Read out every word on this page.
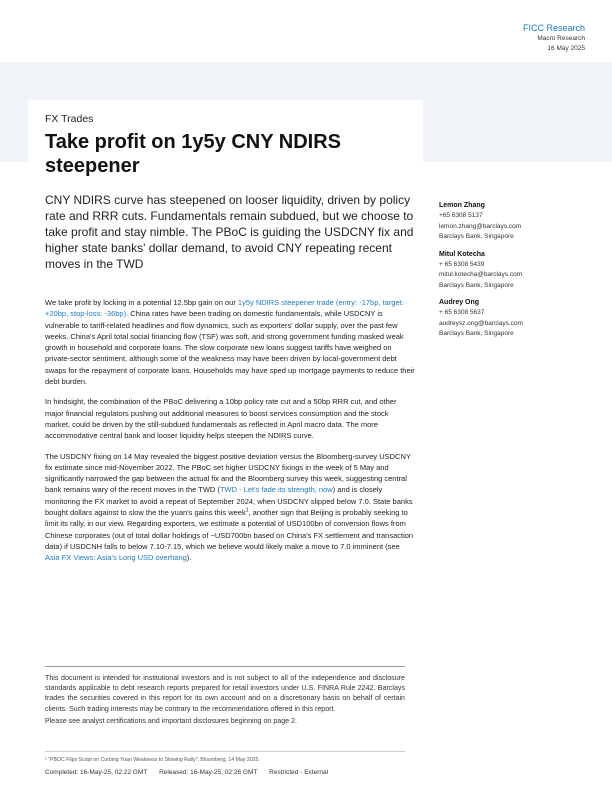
FICC Research
Macro Research
16 May 2025
FX Trades
Take profit on 1y5y CNY NDIRS steepener
CNY NDIRS curve has steepened on looser liquidity, driven by policy rate and RRR cuts. Fundamentals remain subdued, but we choose to take profit and stay nimble. The PBoC is guiding the USDCNY fix and higher state banks' dollar demand, to avoid CNY repeating recent moves in the TWD
Lemon Zhang
+65 6308 5137
lemon.zhang@barclays.com
Barclays Bank, Singapore
Mitul Kotecha
+ 65 6308 5439
mitul.kotecha@barclays.com
Barclays Bank, Singapore
Audrey Ong
+ 65 6308 5637
audreysz.ong@barclays.com
Barclays Bank, Singapore

We take profit by locking in a potential 12.5bp gain on our 1y5y NDIRS steepener trade (entry: -17bp, target: +20bp, stop-loss: -36bp). China rates have been trading on domestic fundamentals, while USDCNY is vulnerable to tariff-related headlines and flow dynamics, such as exporters' dollar supply, over the past few weeks. China's April total social financing flow (TSF) was soft, and strong government funding masked weak growth in household and corporate loans. The slow corporate new loans suggest tariffs have weighed on private-sector sentiment, although some of the weakness may have been driven by local-government debt swaps for the repayment of corporate loans. Households may have sped up mortgage payments to reduce their debt burden.

In hindsight, the combination of the PBoC delivering a 10bp policy rate cut and a 50bp RRR cut, and other major financial regulators pushing out additional measures to boost services consumption and the stock market, could be driven by the still-subdued fundamentals as reflected in April macro data. The more accommodative central bank and looser liquidity helps steepen the NDIRS curve.

The USDCNY fixing on 14 May revealed the biggest positive deviation versus the Bloomberg-survey USDCNY fix estimate since mid-November 2022. The PBoC set higher USDCNY fixings in the week of 5 May and significantly narrowed the gap between the actual fix and the Bloomberg survey this week, suggesting central bank remains wary of the recent moves in the TWD (TWD - Let's fade its strength, now) and is closely monitoring the FX market to avoid a repeat of September 2024, when USDCNY slipped below 7.0. State banks bought dollars against to slow the the yuan's gains this week$^1$, another sign that Beijing is probably seeking to limit its rally, in our view. Regarding exporters, we estimate a potential of USD100bn of conversion flows from Chinese corporates (out of total dollar holdings of ~USD700bn based on China's FX settlement and transaction data) if USDCNH falls to below 7.10-7.15, which we believe would likely make a move to 7.0 imminent (see Asia FX Views: Asia's Long USD overhang).

This document is intended for institutional investors and is not subject to all of the independence and disclosure standards applicable to debt research reports prepared for retail investors under U.S. FINRA Rule 2242. Barclays trades the securities covered in this report for its own account and on a discretionary basis on behalf of certain clients. Such trading interests may be contrary to the recommendations offered in this report.

Please see analyst certifications and important disclosures beginning on page 2.

¹ "PBOC Flips Script on Curbing Yuan Weakness to Slowing Rally", Bloomberg, 14 May 2025.
Completed: 16-May-25, 02:22 GMT Released: 16-May-25, 02:26 GMT Restricted - External
